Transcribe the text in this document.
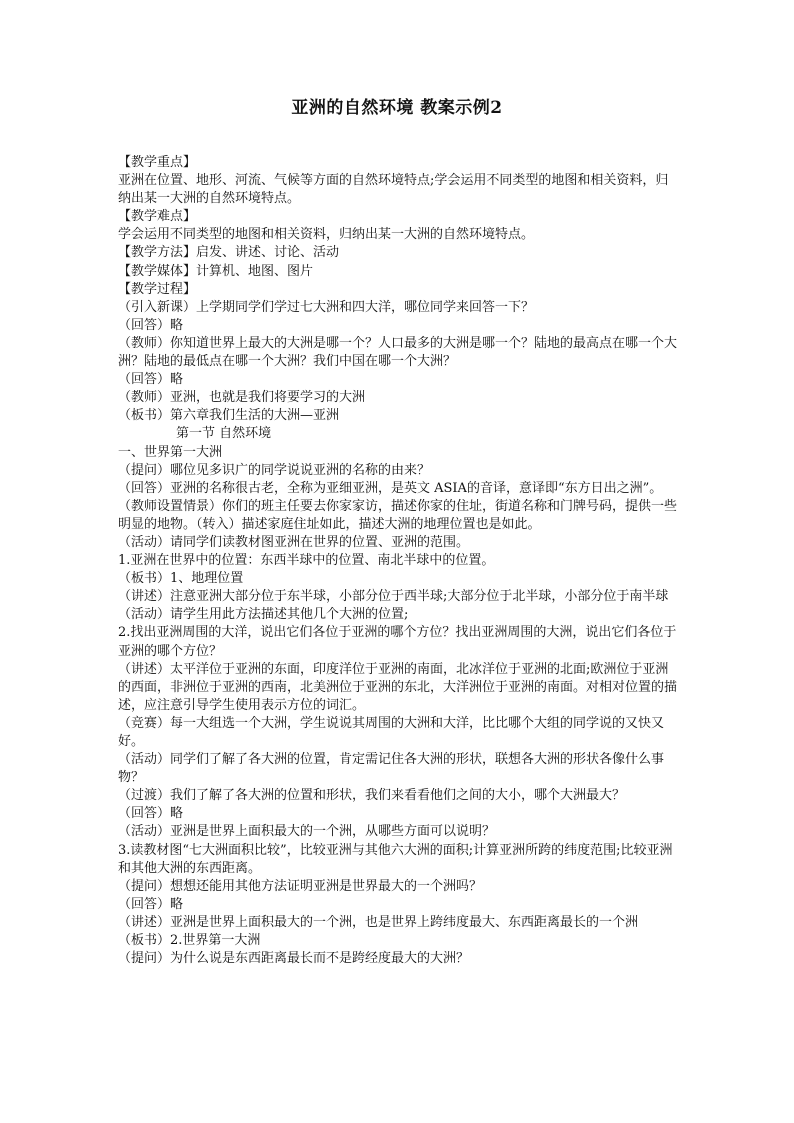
亚洲的自然环境 教案示例2
【教学重点】
亚洲在位置、地形、河流、气候等方面的自然环境特点;学会运用不同类型的地图和相关资料，归纳出某一大洲的自然环境特点。
【教学难点】
学会运用不同类型的地图和相关资料，归纳出某一大洲的自然环境特点。
【教学方法】启发、讲述、讨论、活动
【教学媒体】计算机、地图、图片
【教学过程】
（引入新课）上学期同学们学过七大洲和四大洋，哪位同学来回答一下？
（回答）略
（教师）你知道世界上最大的大洲是哪一个？人口最多的大洲是哪一个？陆地的最高点在哪一个大洲？陆地的最低点在哪一个大洲？我们中国在哪一个大洲？
（回答）略
（教师）亚洲，也就是我们将要学习的大洲
（板书）第六章我们生活的大洲—亚洲
第一节 自然环境
一、世界第一大洲
（提问）哪位见多识广的同学说说亚洲的名称的由来？
（回答）亚洲的名称很古老，全称为亚细亚洲，是英文 ASIA的音译，意译即“东方日出之洲”。
（教师设置情景）你们的班主任要去你家家访，描述你家的住址，街道名称和门牌号码，提供一些明显的地物。（转入）描述家庭住址如此，描述大洲的地理位置也是如此。
（活动）请同学们读教材图亚洲在世界的位置、亚洲的范围。
1.亚洲在世界中的位置：东西半球中的位置、南北半球中的位置。
（板书）1、地理位置
（讲述）注意亚洲大部分位于东半球，小部分位于西半球;大部分位于北半球，小部分位于南半球
（活动）请学生用此方法描述其他几个大洲的位置;
2.找出亚洲周围的大洋，说出它们各位于亚洲的哪个方位？找出亚洲周围的大洲，说出它们各位于亚洲的哪个方位？
（讲述）太平洋位于亚洲的东面，印度洋位于亚洲的南面，北冰洋位于亚洲的北面;欧洲位于亚洲的西面，非洲位于亚洲的西南，北美洲位于亚洲的东北，大洋洲位于亚洲的南面。对相对位置的描述，应注意引导学生使用表示方位的词汇。
（竞赛）每一大组选一个大洲，学生说说其周围的大洲和大洋，比比哪个大组的同学说的又快又好。
（活动）同学们了解了各大洲的位置，肯定需记住各大洲的形状，联想各大洲的形状各像什么事物？
（过渡）我们了解了各大洲的位置和形状，我们来看看他们之间的大小，哪个大洲最大？
（回答）略
（活动）亚洲是世界上面积最大的一个洲，从哪些方面可以说明？
3.读教材图“七大洲面积比较”，比较亚洲与其他六大洲的面积;计算亚洲所跨的纬度范围;比较亚洲和其他大洲的东西距离。
（提问）想想还能用其他方法证明亚洲是世界最大的一个洲吗？
（回答）略
（讲述）亚洲是世界上面积最大的一个洲，也是世界上跨纬度最大、东西距离最长的一个洲
（板书）2.世界第一大洲
（提问）为什么说是东西距离最长而不是跨经度最大的大洲？
